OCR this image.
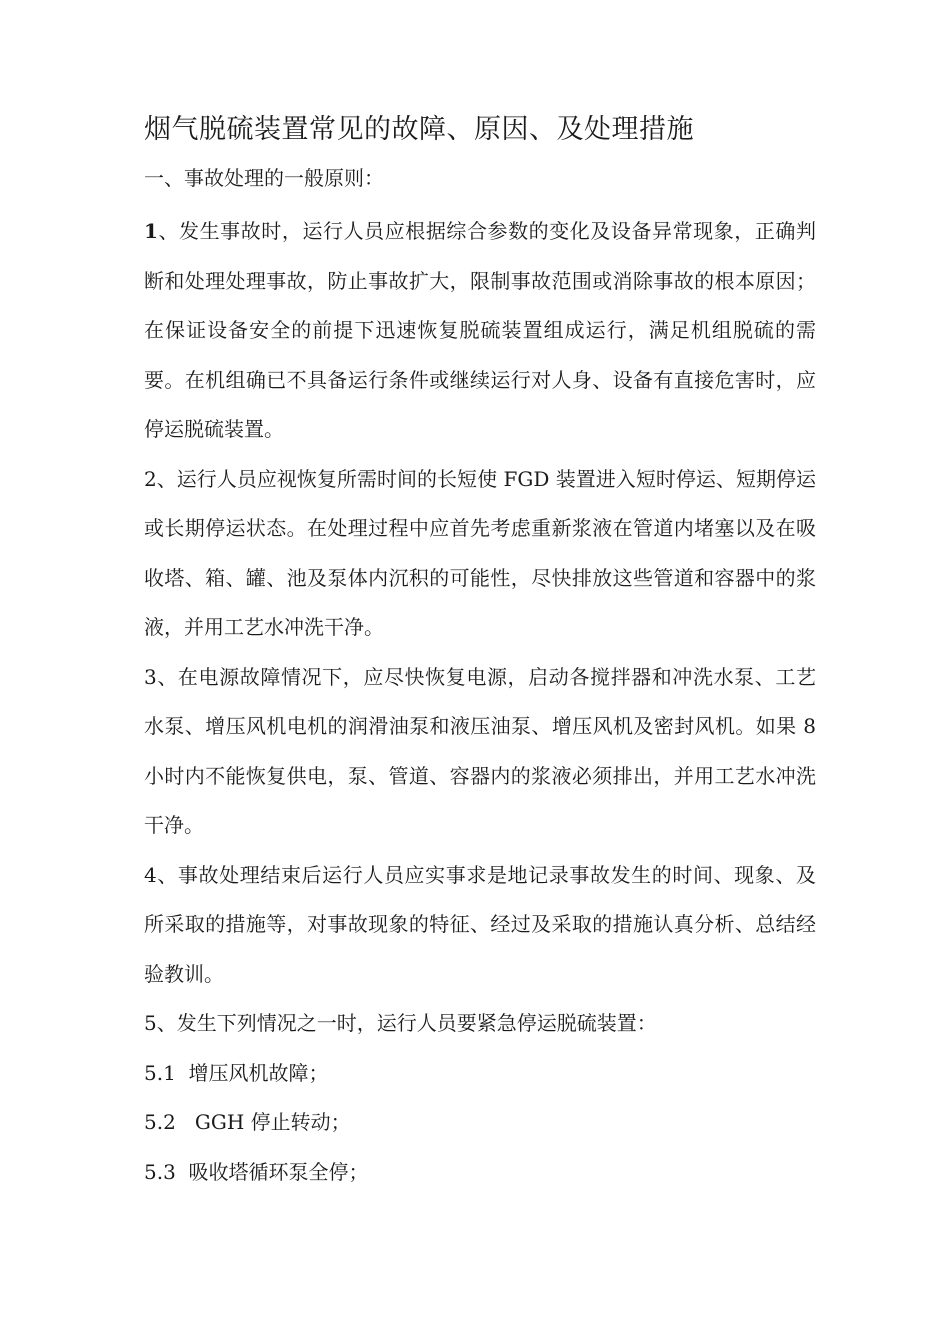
烟气脱硫装置常见的故障、原因、及处理措施
一、事故处理的一般原则：

1、发生事故时，运行人员应根据综合参数的变化及设备异常现象，正确判断和处理处理事故，防止事故扩大，限制事故范围或消除事故的根本原因；在保证设备安全的前提下迅速恢复脱硫装置组成运行，满足机组脱硫的需要。在机组确已不具备运行条件或继续运行对人身、设备有直接危害时，应停运脱硫装置。

2、运行人员应视恢复所需时间的长短使 FGD 装置进入短时停运、短期停运或长期停运状态。在处理过程中应首先考虑重新浆液在管道内堵塞以及在吸收塔、箱、罐、池及泵体内沉积的可能性，尽快排放这些管道和容器中的浆液，并用工艺水冲洗干净。

3、在电源故障情况下，应尽快恢复电源，启动各搅拌器和冲洗水泵、工艺水泵、增压风机电机的润滑油泵和液压油泵、增压风机及密封风机。如果 8 小时内不能恢复供电，泵、管道、容器内的浆液必须排出，并用工艺水冲洗干净。

4、事故处理结束后运行人员应实事求是地记录事故发生的时间、现象、及所采取的措施等，对事故现象的特征、经过及采取的措施认真分析、总结经验教训。

5、发生下列情况之一时，运行人员要紧急停运脱硫装置：

5.1  增压风机故障；

5.2   GGH 停止转动；

5.3  吸收塔循环泵全停；
